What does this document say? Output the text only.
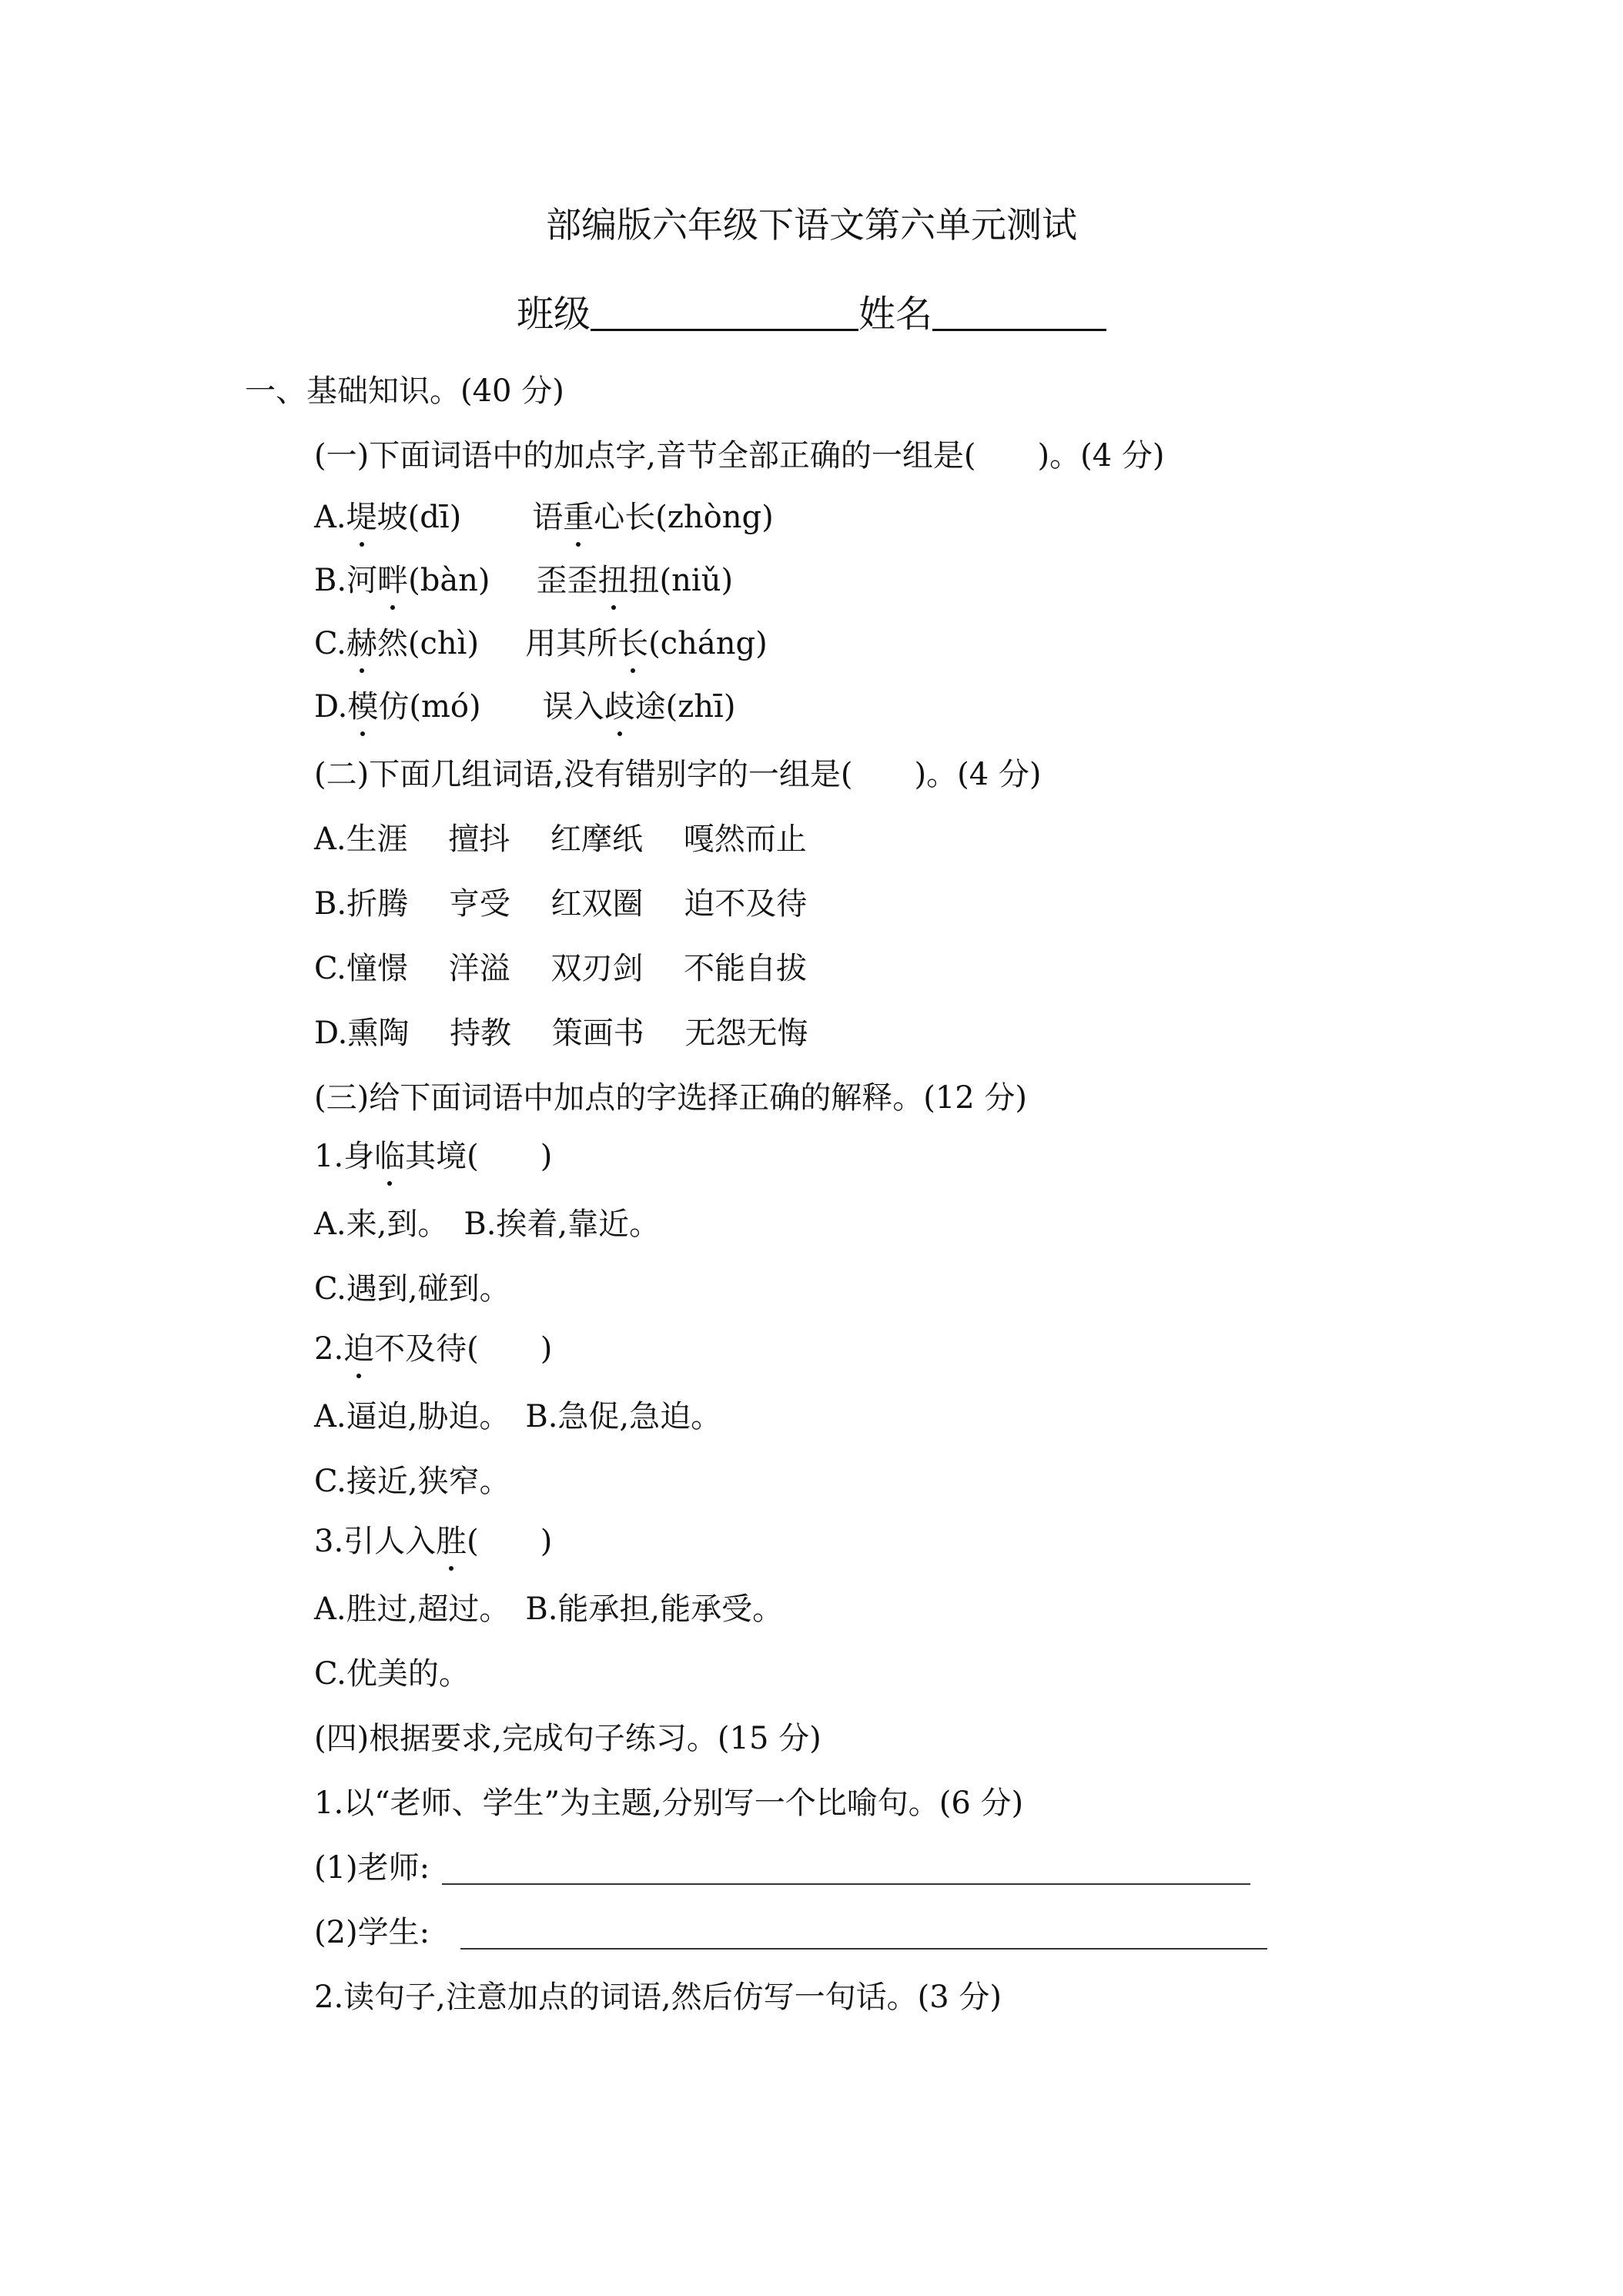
部编版六年级下语文第六单元测试
班级	姓名
一、基础知识。(40 分)
(一)下面词语中的加点字,音节全部正确的一组是(　　)。(4 分)
A.堤坡(dī) 语重心长(zhòng)
B.河畔(bàn) 歪歪扭扭(niǔ)
C.赫然(chì) 用其所长(cháng)
D.模仿(mó) 误入歧途(zhī)
(二)下面几组词语,没有错别字的一组是(　　)。(4 分)
A.生涯　 擅抖　 红摩纸　 嘎然而止
B.折腾　 亨受　 红双圈　 迫不及待
C.憧憬　 洋溢　 双刃剑　 不能自拔
D.熏陶　 持教　 策画书　 无怨无悔
(三)给下面词语中加点的字选择正确的解释。(12 分)
1.身临其境(　　)
A.来,到。　B.挨着,靠近。
C.遇到,碰到。
2.迫不及待(　　)
A.逼迫,胁迫。　B.急促,急迫。
C.接近,狭窄。
3.引人入胜(　　)
A.胜过,超过。　B.能承担,能承受。
C.优美的。
(四)根据要求,完成句子练习。(15 分)
1.以“老师、学生”为主题,分别写一个比喻句。(6 分)
(1)老师:
(2)学生:
2.读句子,注意加点的词语,然后仿写一句话。(3 分)
